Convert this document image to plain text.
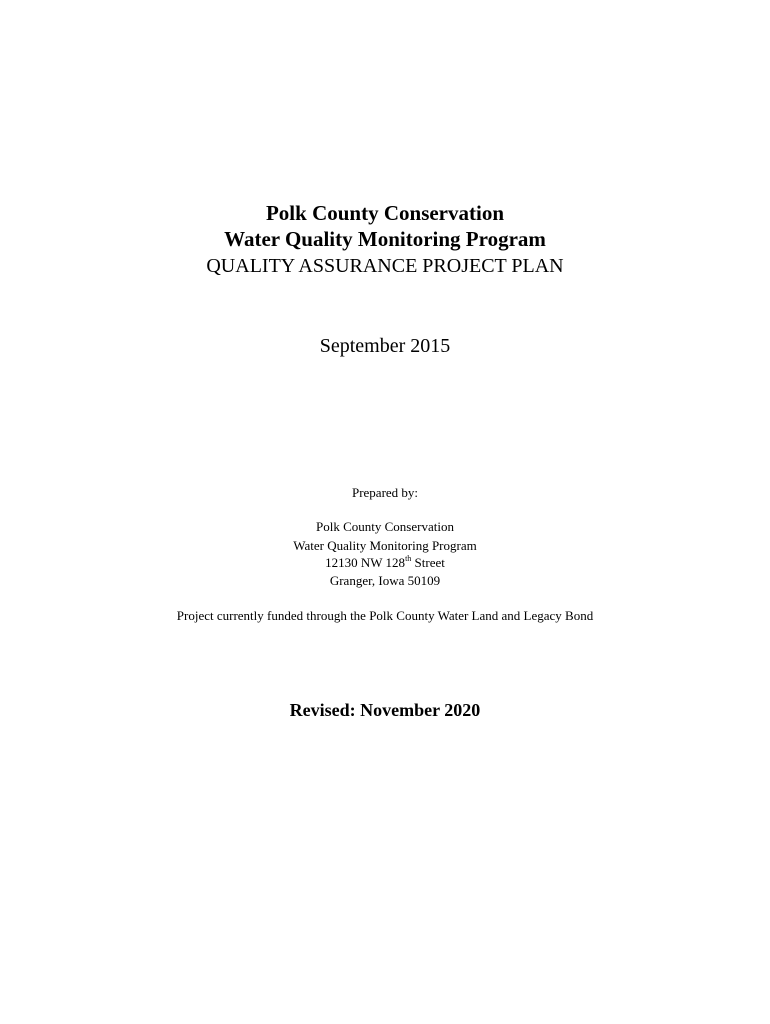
Polk County Conservation
Water Quality Monitoring Program
QUALITY ASSURANCE PROJECT PLAN
September 2015
Prepared by:
Polk County Conservation
Water Quality Monitoring Program
12130 NW 128th Street
Granger, Iowa 50109
Project currently funded through the Polk County Water Land and Legacy Bond
Revised: November 2020
